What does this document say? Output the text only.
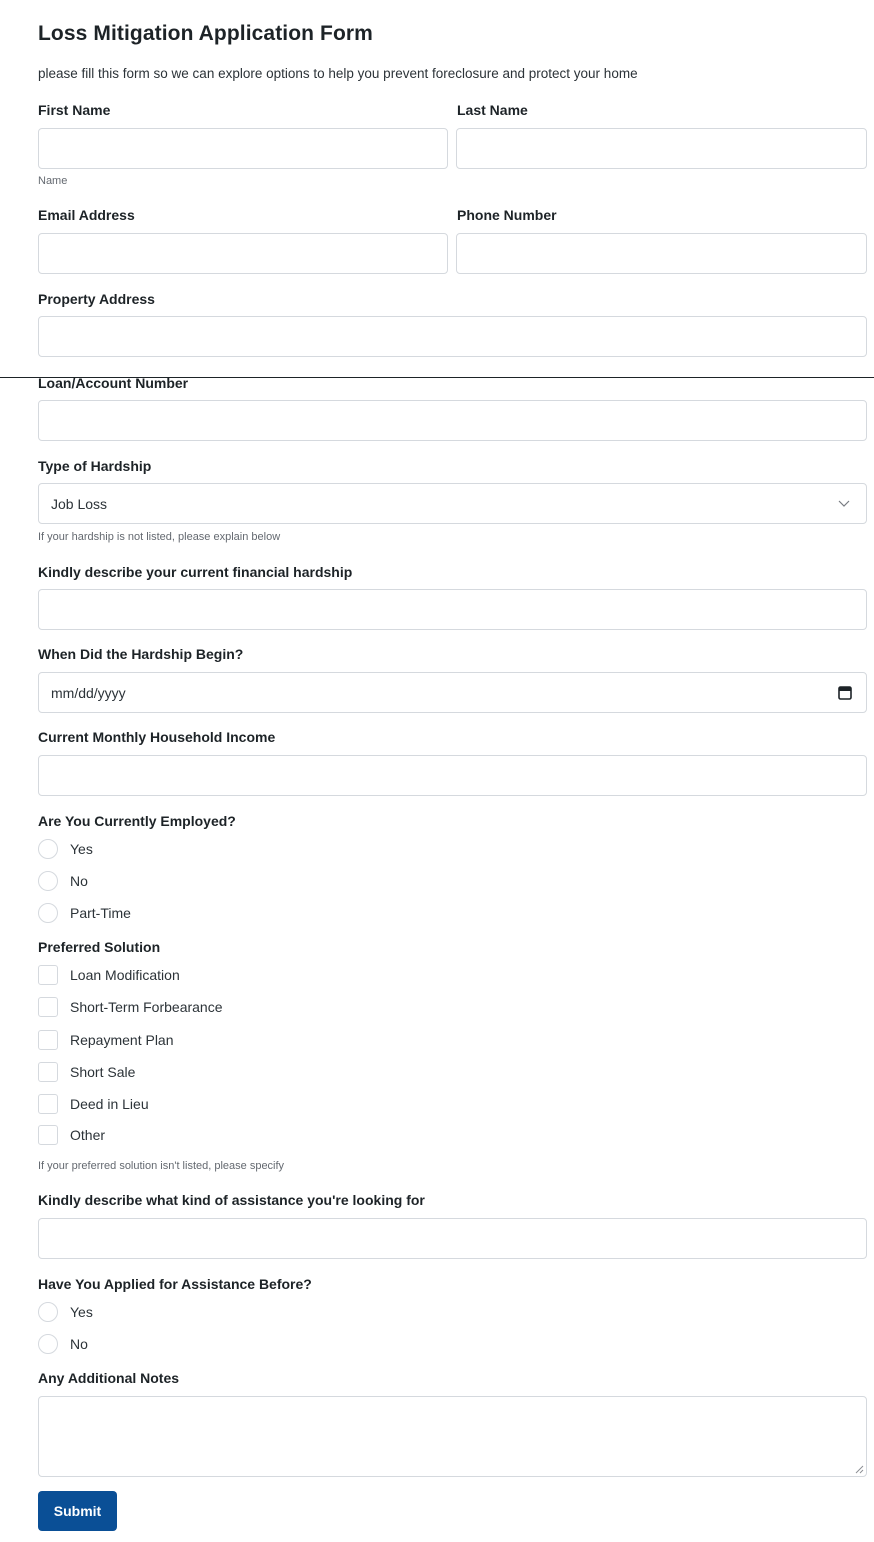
Loss Mitigation Application Form
please fill this form so we can explore options to help you prevent foreclosure and protect your home
First Name	Last Name
Name
Email Address	Phone Number
Property Address
Loan/Account Number
Type of Hardship
Job Loss
If your hardship is not listed, please explain below
Kindly describe your current financial hardship
When Did the Hardship Begin?
mm/dd/yyyy
Current Monthly Household Income
Are You Currently Employed?
Yes
No
Part-Time
Preferred Solution
Loan Modification
Short-Term Forbearance
Repayment Plan
Short Sale
Deed in Lieu
Other
If your preferred solution isn't listed, please specify
Kindly describe what kind of assistance you're looking for
Have You Applied for Assistance Before?
Yes
No
Any Additional Notes
Submit
